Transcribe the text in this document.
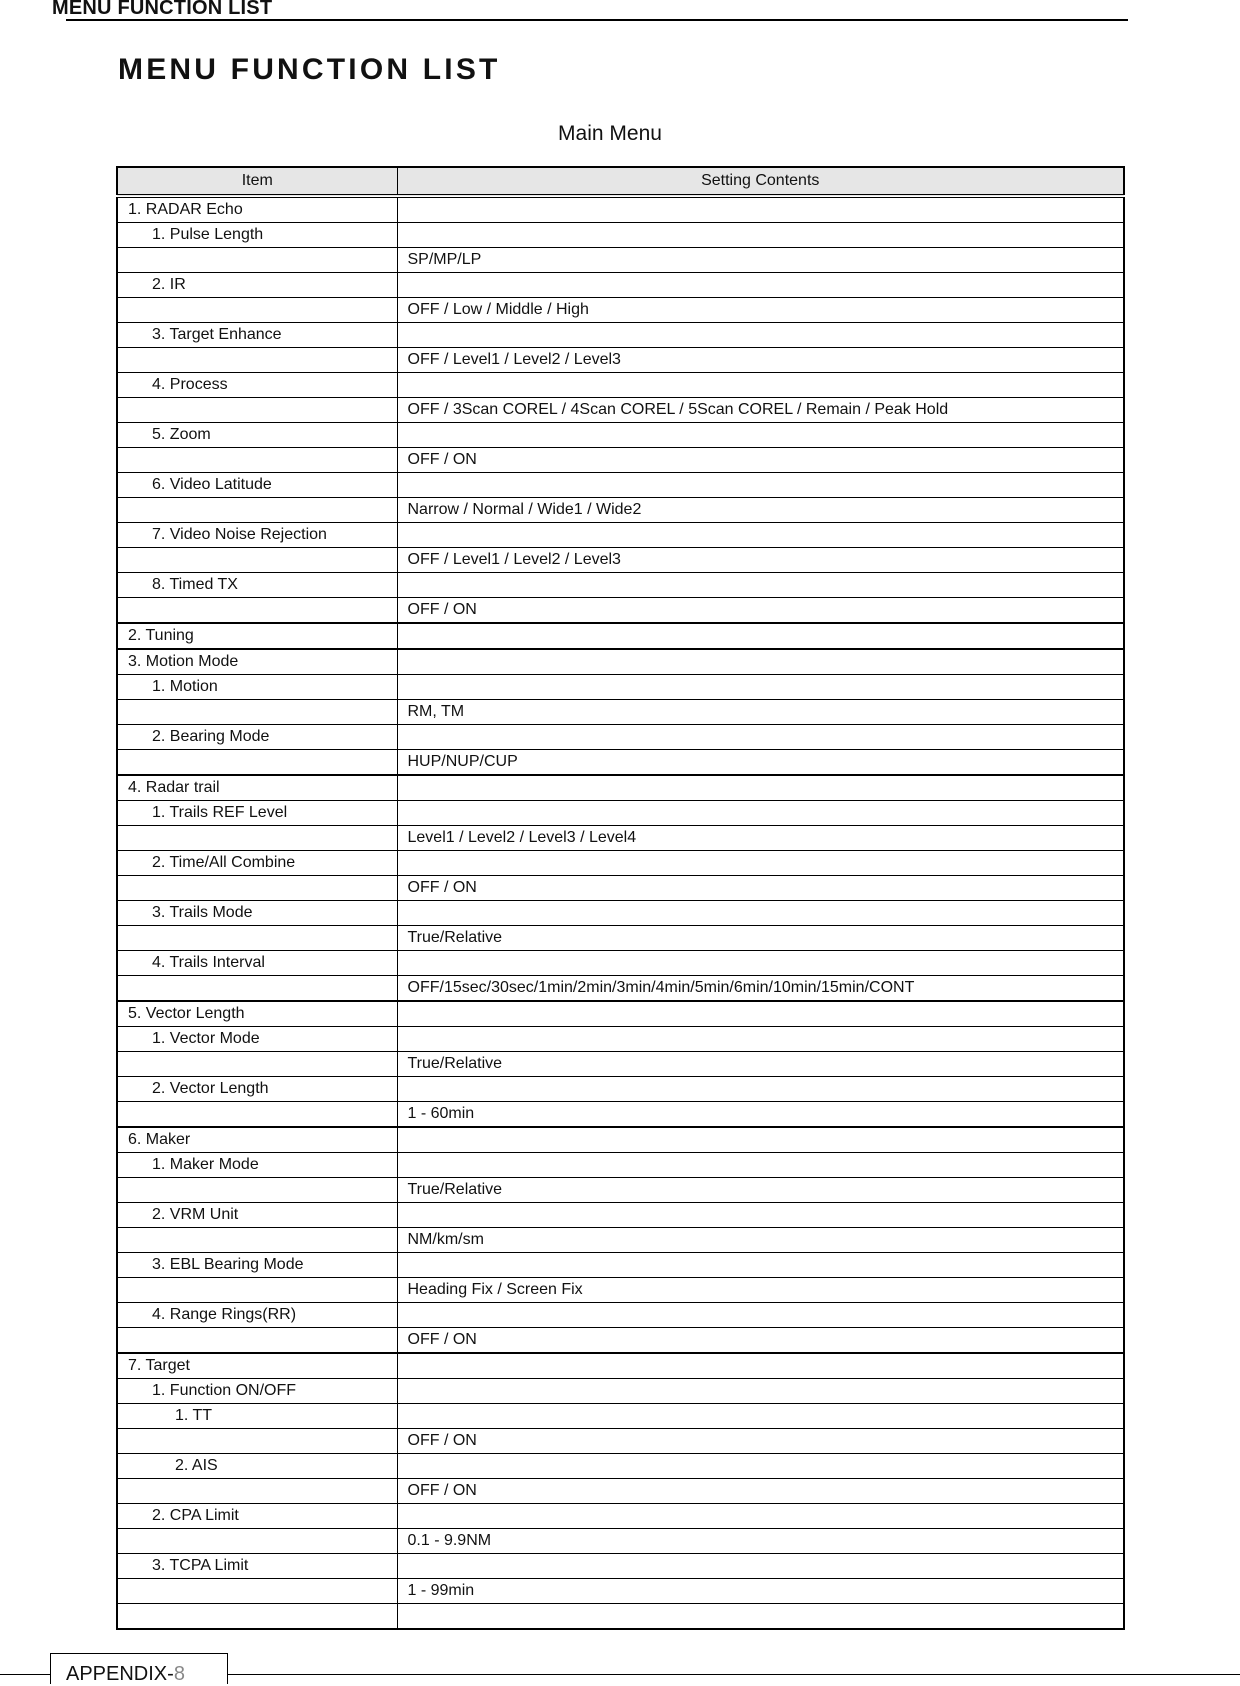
MENU FUNCTION LIST
MENU FUNCTION LIST
Main Menu
Item	Setting Contents
1. RADAR Echo	
1. Pulse Length	
	SP/MP/LP
2. IR	
	OFF / Low / Middle / High
3. Target Enhance	
	OFF / Level1 / Level2 / Level3
4. Process	
	OFF / 3Scan COREL / 4Scan COREL / 5Scan COREL / Remain / Peak Hold
5. Zoom	
	OFF / ON
6. Video Latitude	
	Narrow / Normal / Wide1 / Wide2
7. Video Noise Rejection	
	OFF / Level1 / Level2 / Level3
8. Timed TX	
	OFF / ON
2. Tuning	
3. Motion Mode	
1. Motion	
	RM, TM
2. Bearing Mode	
	HUP/NUP/CUP
4. Radar trail	
1. Trails REF Level	
	Level1 / Level2 / Level3 / Level4
2. Time/All Combine	
	OFF / ON
3. Trails Mode	
	True/Relative
4. Trails Interval	
	OFF/15sec/30sec/1min/2min/3min/4min/5min/6min/10min/15min/CONT
5. Vector Length	
1. Vector Mode	
	True/Relative
2. Vector Length	
	1 - 60min
6. Maker	
1. Maker Mode	
	True/Relative
2. VRM Unit	
	NM/km/sm
3. EBL Bearing Mode	
	Heading Fix / Screen Fix
4. Range Rings(RR)	
	OFF / ON
7. Target	
1. Function ON/OFF	
1. TT	
	OFF / ON
2. AIS	
	OFF / ON
2. CPA Limit	
	0.1 - 9.9NM
3. TCPA Limit	
	1 - 99min

APPENDIX-8
